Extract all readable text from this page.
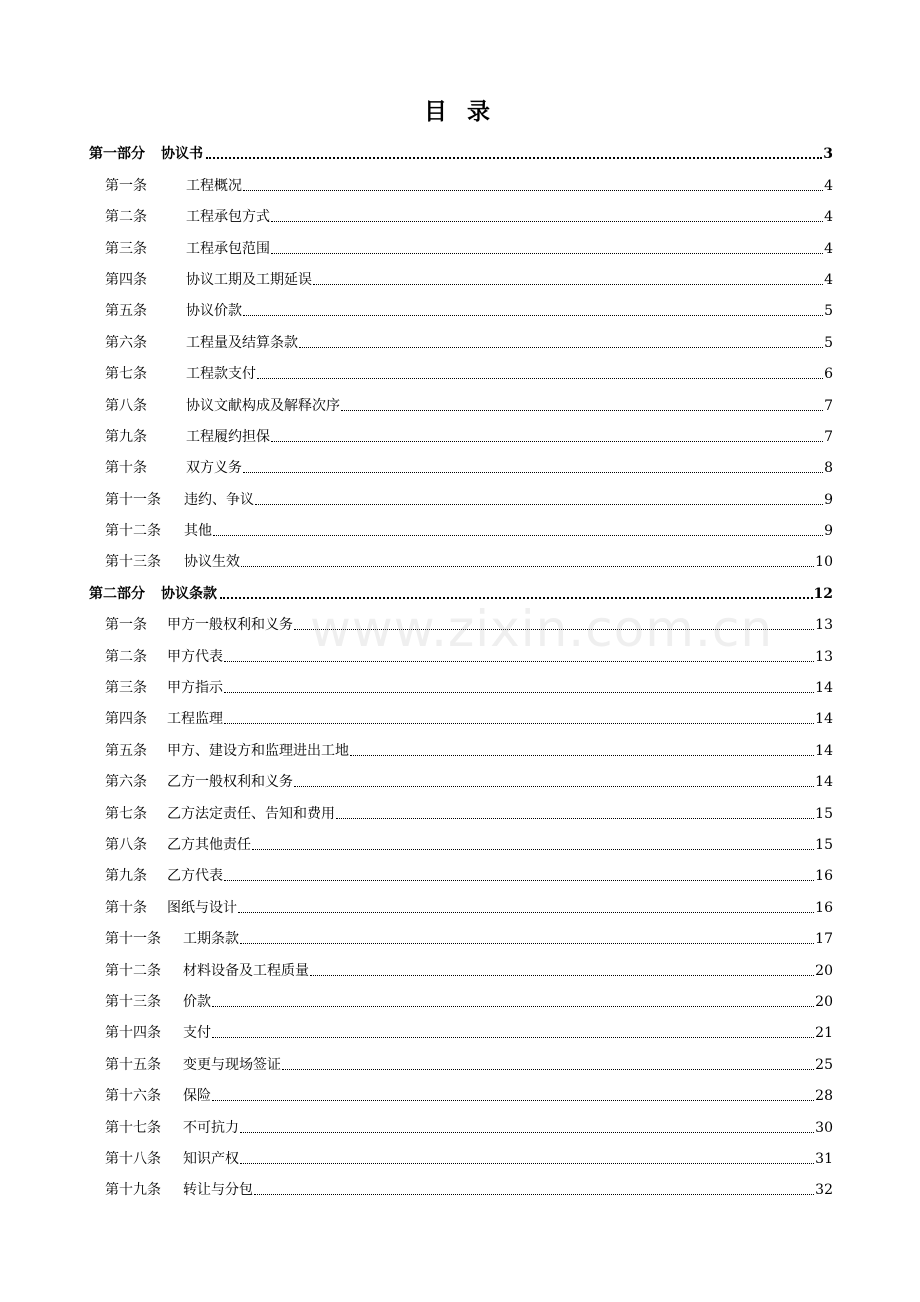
目 录
第一部分	协议书	3
第一条	工程概况	4
第二条	工程承包方式	4
第三条	工程承包范围	4
第四条	协议工期及工期延误	4
第五条	协议价款	5
第六条	工程量及结算条款	5
第七条	工程款支付	6
第八条	协议文献构成及解释次序	7
第九条	工程履约担保	7
第十条	双方义务	8
第十一条	违约、争议	9
第十二条	其他	9
第十三条	协议生效	10
第二部分	协议条款	12
第一条	甲方一般权利和义务	13
第二条	甲方代表	13
第三条	甲方指示	14
第四条	工程监理	14
第五条	甲方、建设方和监理进出工地	14
第六条	乙方一般权利和义务	14
第七条	乙方法定责任、告知和费用	15
第八条	乙方其他责任	15
第九条	乙方代表	16
第十条	图纸与设计	16
第十一条	工期条款	17
第十二条	材料设备及工程质量	20
第十三条	价款	20
第十四条	支付	21
第十五条	变更与现场签证	25
第十六条	保险	28
第十七条	不可抗力	30
第十八条	知识产权	31
第十九条	转让与分包	32
www.zixin.com.cn
